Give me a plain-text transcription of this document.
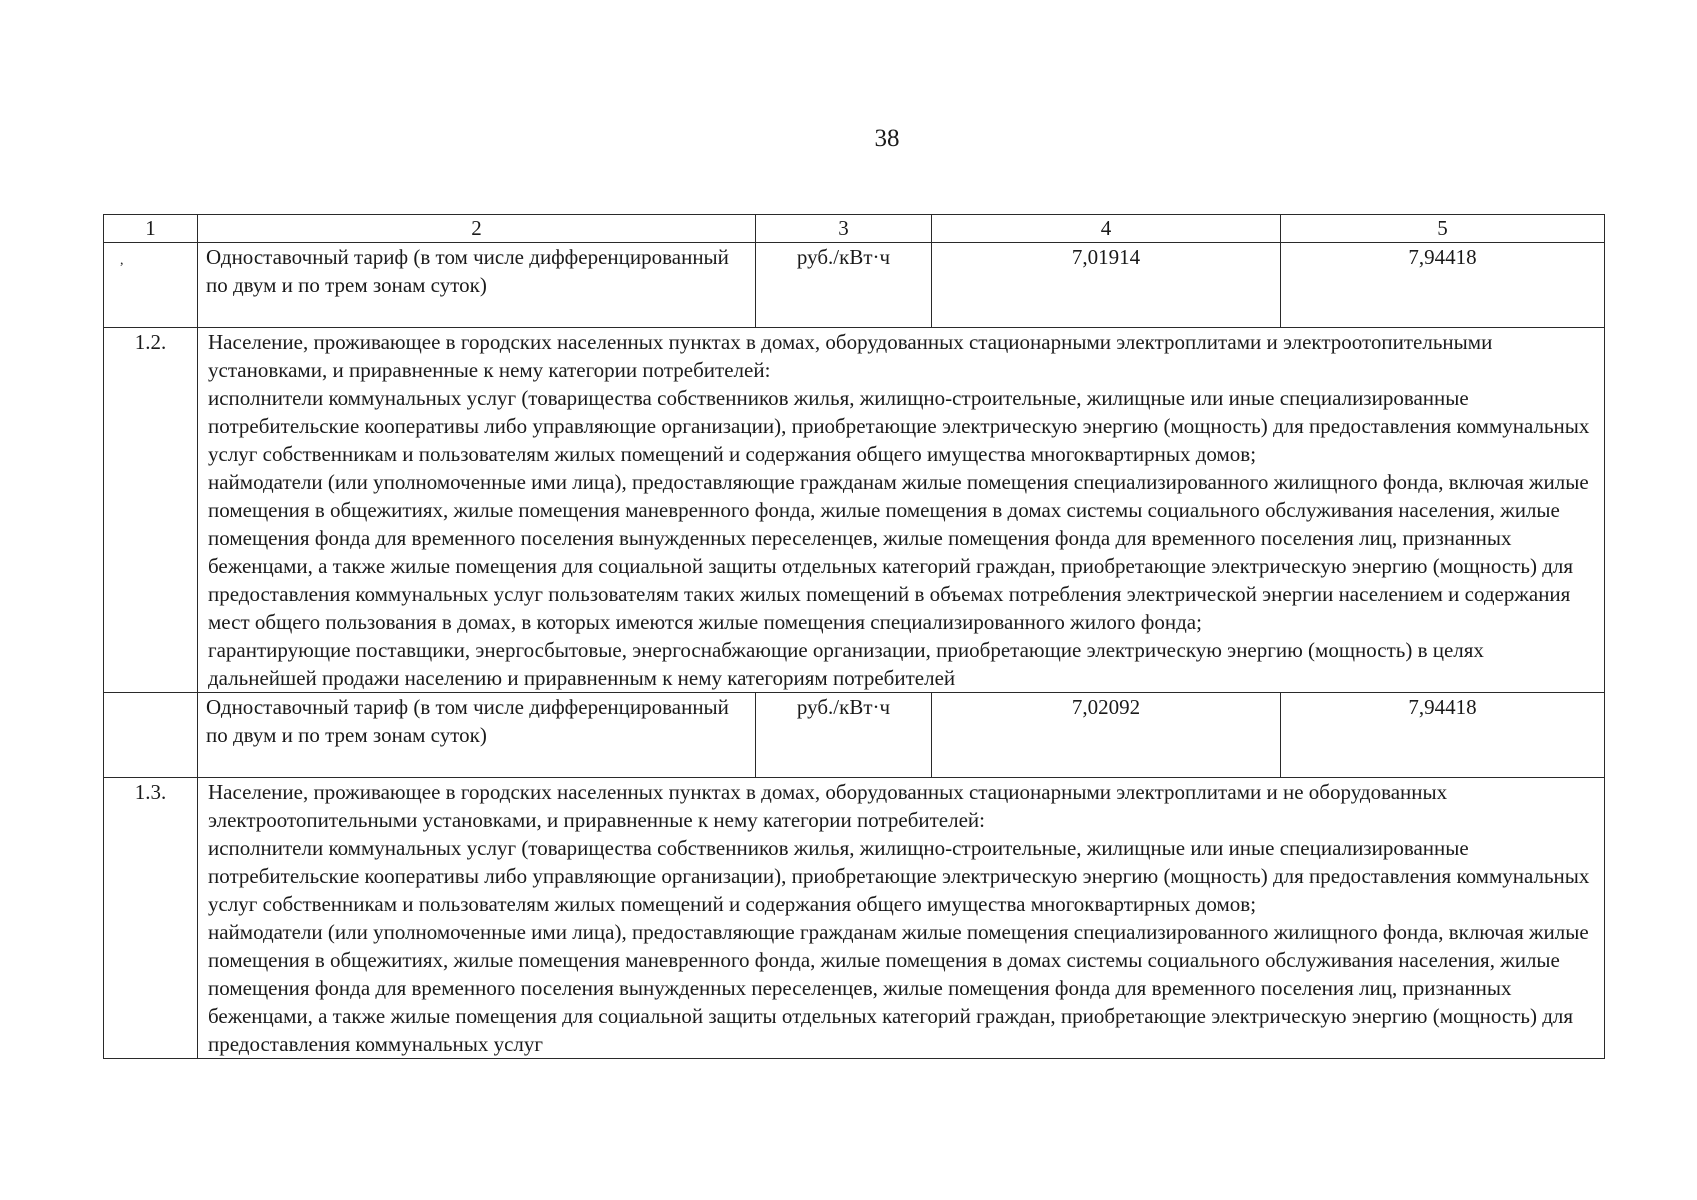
38
1	2	3	4	5
,	Одноставочный тариф (в том числе дифференцированный по двум и по трем зонам суток)	руб./кВт·ч	7,01914	7,94418
1.2.	Население, проживающее в городских населенных пунктах в домах, оборудованных стационарными электроплитами и электроотопительными установками, и приравненные к нему категории потребителей:
исполнители коммунальных услуг (товарищества собственников жилья, жилищно-строительные, жилищные или иные специализированные потребительские кооперативы либо управляющие организации), приобретающие электрическую энергию (мощность) для предоставления коммунальных услуг собственникам и пользователям жилых помещений и содержания общего имущества многоквартирных домов;
наймодатели (или уполномоченные ими лица), предоставляющие гражданам жилые помещения специализированного жилищного фонда, включая жилые помещения в общежитиях, жилые помещения маневренного фонда, жилые помещения в домах системы социального обслуживания населения, жилые помещения фонда для временного поселения вынужденных переселенцев, жилые помещения фонда для временного поселения лиц, признанных беженцами, а также жилые помещения для социальной защиты отдельных категорий граждан, приобретающие электрическую энергию (мощность) для предоставления коммунальных услуг пользователям таких жилых помещений в объемах потребления электрической энергии населением и содержания мест общего пользования в домах, в которых имеются жилые помещения специализированного жилого фонда;
гарантирующие поставщики, энергосбытовые, энергоснабжающие организации, приобретающие электрическую энергию (мощность) в целях дальнейшей продажи населению и приравненным к нему категориям потребителей			

	Одноставочный тариф (в том числе дифференцированный по двум и по трем зонам суток)	руб./кВт·ч	7,02092	7,94418
1.3.	Население, проживающее в городских населенных пунктах в домах, оборудованных стационарными электроплитами и не оборудованных электроотопительными установками, и приравненные к нему категории потребителей:
исполнители коммунальных услуг (товарищества собственников жилья, жилищно-строительные, жилищные или иные специализированные потребительские кооперативы либо управляющие организации), приобретающие электрическую энергию (мощность) для предоставления коммунальных услуг собственникам и пользователям жилых помещений и содержания общего имущества многоквартирных домов;
наймодатели (или уполномоченные ими лица), предоставляющие гражданам жилые помещения специализированного жилищного фонда, включая жилые помещения в общежитиях, жилые помещения маневренного фонда, жилые помещения в домах системы социального обслуживания населения, жилые помещения фонда для временного поселения вынужденных переселенцев, жилые помещения фонда для временного поселения лиц, признанных беженцами, а также жилые помещения для социальной защиты отдельных категорий граждан, приобретающие электрическую энергию (мощность) для предоставления коммунальных услуг			
